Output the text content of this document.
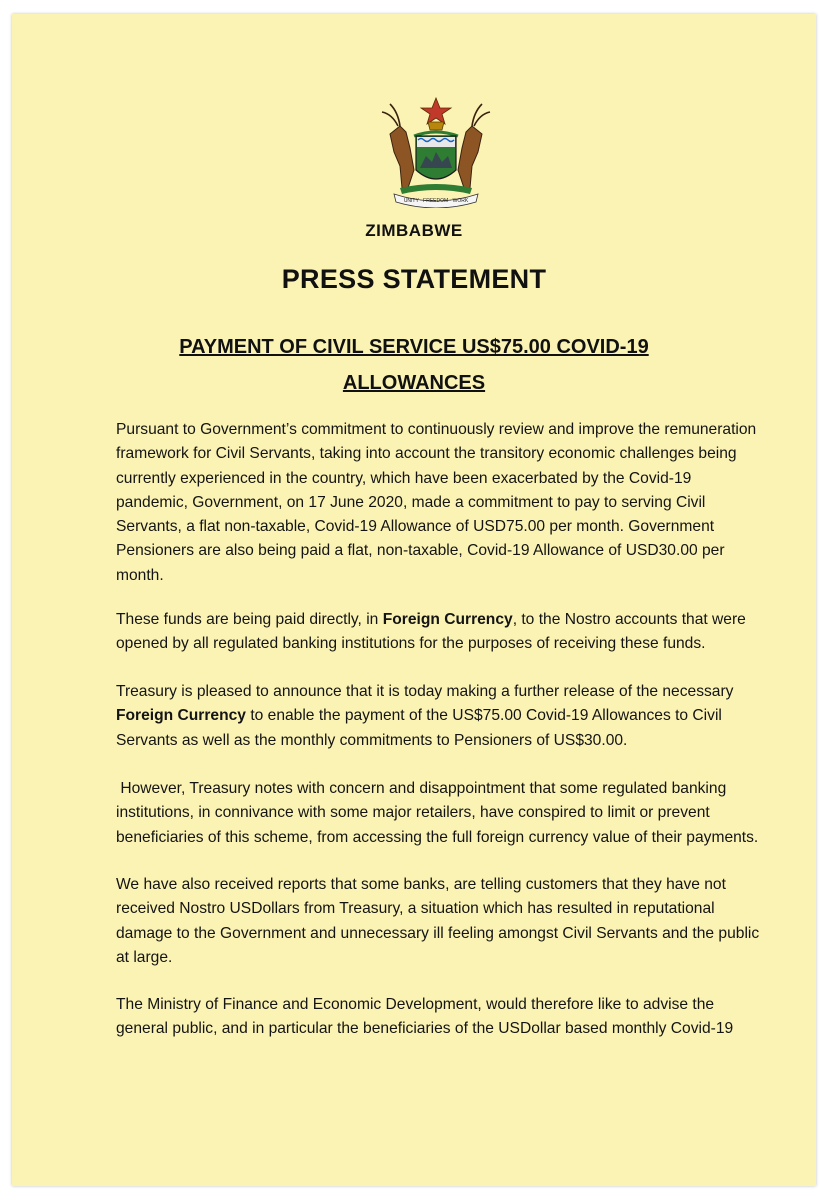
UNITY · FREEDOM · WORK
ZIMBABWE
PRESS STATEMENT
PAYMENT OF CIVIL SERVICE US$75.00 COVID-19
ALLOWANCES
Pursuant to Government’s commitment to continuously review and improve the remuneration
framework for Civil Servants, taking into account the transitory economic challenges being
currently experienced in the country, which have been exacerbated by the Covid-19
pandemic, Government, on 17 June 2020, made a commitment to pay to serving Civil
Servants, a flat non-taxable, Covid-19 Allowance of USD75.00 per month. Government
Pensioners are also being paid a flat, non-taxable, Covid-19 Allowance of USD30.00 per
month.
These funds are being paid directly, in Foreign Currency, to the Nostro accounts that were
opened by all regulated banking institutions for the purposes of receiving these funds.
Treasury is pleased to announce that it is today making a further release of the necessary
Foreign Currency to enable the payment of the US$75.00 Covid-19 Allowances to Civil
Servants as well as the monthly commitments to Pensioners of US$30.00.
However, Treasury notes with concern and disappointment that some regulated banking
institutions, in connivance with some major retailers, have conspired to limit or prevent
beneficiaries of this scheme, from accessing the full foreign currency value of their payments.
We have also received reports that some banks, are telling customers that they have not
received Nostro USDollars from Treasury, a situation which has resulted in reputational
damage to the Government and unnecessary ill feeling amongst Civil Servants and the public
at large.
The Ministry of Finance and Economic Development, would therefore like to advise the
general public, and in particular the beneficiaries of the USDollar based monthly Covid-19
